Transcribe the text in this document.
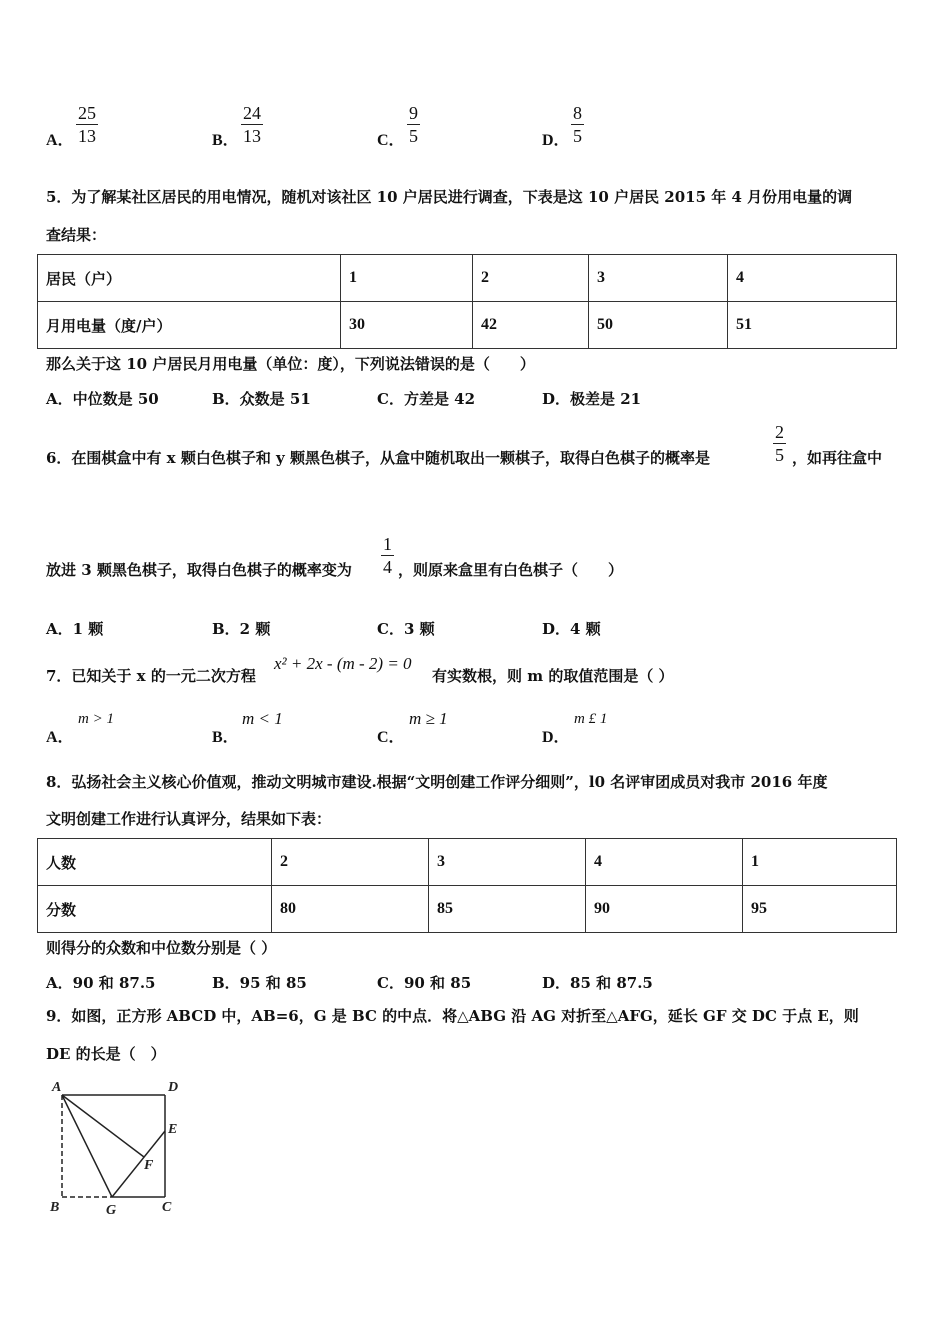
A． $\frac{25}{13}$	B． $\frac{24}{13}$	C． $\frac{9}{5}$	D． $\frac{8}{5}$
5．为了解某社区居民的用电情况，随机对该社区 10 户居民进行调查，下表是这 10 户居民 2015 年 4 月份用电量的调
查结果：
居民（户）	1	2	3	4
月用电量（度/户）	30	42	50	51
那么关于这 10 户居民月用电量（单位：度），下列说法错误的是（　　）
A．中位数是 50	B．众数是 51	C．方差是 42	D．极差是 21
6．在围棋盒中有 x 颗白色棋子和 y 颗黑色棋子，从盒中随机取出一颗棋子，取得白色棋子的概率是	$\frac{2}{5}$ ，如再往盒中
放进 3 颗黑色棋子，取得白色棋子的概率变为 $\frac{1}{4}$ ，则原来盒里有白色棋子（　　）
A．1 颗	B．2 颗	C．3 颗	D．4 颗
7．已知关于 x 的一元二次方程
x² + 2x - (m - 2) = 0
有实数根，则 m 的取值范围是（ ）
A．
m > 1
B．
m < 1
C．
m ≥ 1
D．
m £ 1
8．弘扬社会主义核心价值观，推动文明城市建设.根据“文明创建工作评分细则”，l0 名评审团成员对我市 2016 年度
文明创建工作进行认真评分，结果如下表：
人数	2	3	4	1
分数	80	85	90	95
则得分的众数和中位数分别是（ ）
A．90 和 87.5	B．95 和 85	C．90 和 85	D．85 和 87.5
9．如图，正方形 ABCD 中，AB=6，G 是 BC 的中点．将△ABG 沿 AG 对折至△AFG，延长 GF 交 DC 于点 E，则
DE 的长是（　）
A	D
E
F
B	G	C
